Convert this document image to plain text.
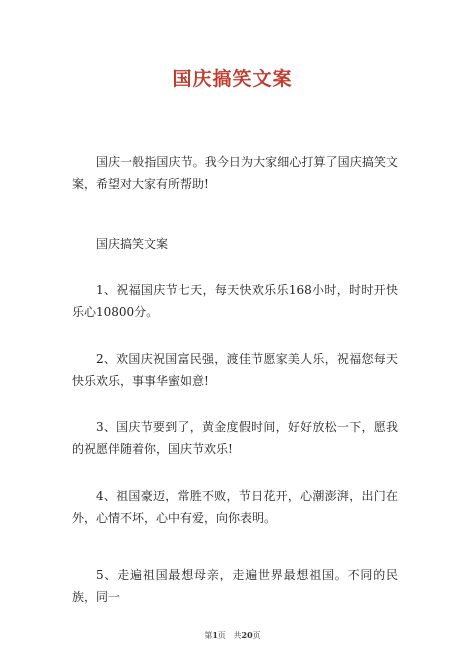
国庆搞笑文案
国庆一般指国庆节。我今日为大家细心打算了国庆搞笑文案，希望对大家有所帮助!
国庆搞笑文案
1、祝福国庆节七天，每天快欢乐乐168小时，时时开快乐心10800分。
2、欢国庆祝国富民强，渡佳节愿家美人乐，祝福您每天快乐欢乐，事事华蜜如意!
3、国庆节要到了，黄金度假时间，好好放松一下，愿我的祝愿伴随着你，国庆节欢乐!
4、祖国豪迈，常胜不败，节日花开，心潮澎湃，出门在外，心情不坏，心中有爱，向你表明。
5、走遍祖国最想母亲，走遍世界最想祖国。不同的民族，同一
第1页 共20页
